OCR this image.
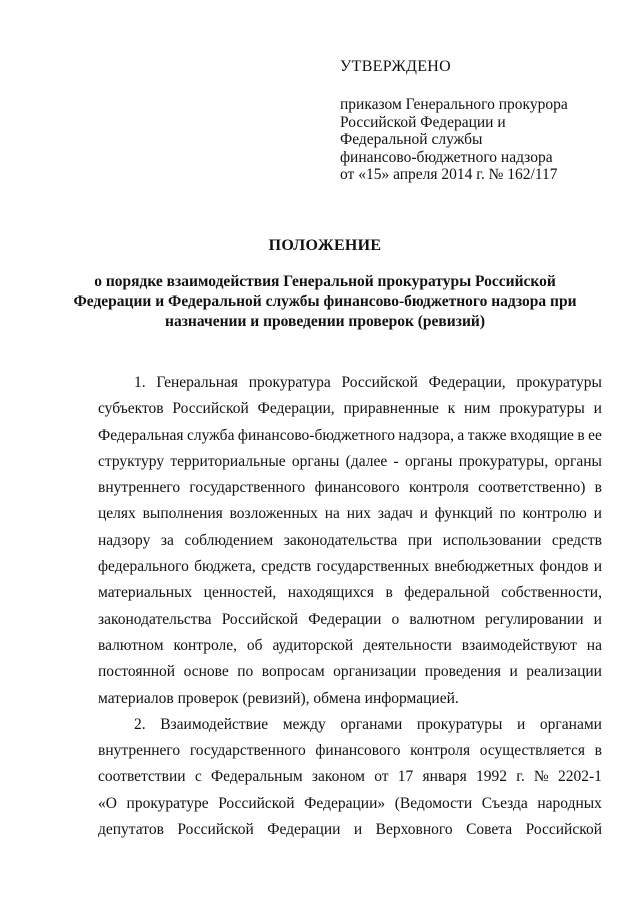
УТВЕРЖДЕНО
приказом Генерального прокурора
Российской Федерации и
Федеральной службы
финансово-бюджетного надзора
от «15» апреля 2014 г. № 162/117
ПОЛОЖЕНИЕ
о порядке взаимодействия Генеральной прокуратуры Российской
Федерации и Федеральной службы финансово-бюджетного надзора при
назначении и проведении проверок (ревизий)
1. Генеральная прокуратура Российской Федерации, прокуратуры
субъектов Российской Федерации, приравненные к ним прокуратуры и
Федеральная служба финансово-бюджетного надзора, а также входящие в ее
структуру территориальные органы (далее - органы прокуратуры, органы
внутреннего государственного финансового контроля соответственно) в
целях выполнения возложенных на них задач и функций по контролю и
надзору за соблюдением законодательства при использовании средств
федерального бюджета, средств государственных внебюджетных фондов и
материальных ценностей, находящихся в федеральной собственности,
законодательства Российской Федерации о валютном регулировании и
валютном контроле, об аудиторской деятельности взаимодействуют на
постоянной основе по вопросам организации проведения и реализации
материалов проверок (ревизий), обмена информацией.
2. Взаимодействие между органами прокуратуры и органами
внутреннего государственного финансового контроля осуществляется в
соответствии с Федеральным законом от 17 января 1992 г. № 2202-1
«О прокуратуре Российской Федерации» (Ведомости Съезда народных
депутатов Российской Федерации и Верховного Совета Российской
